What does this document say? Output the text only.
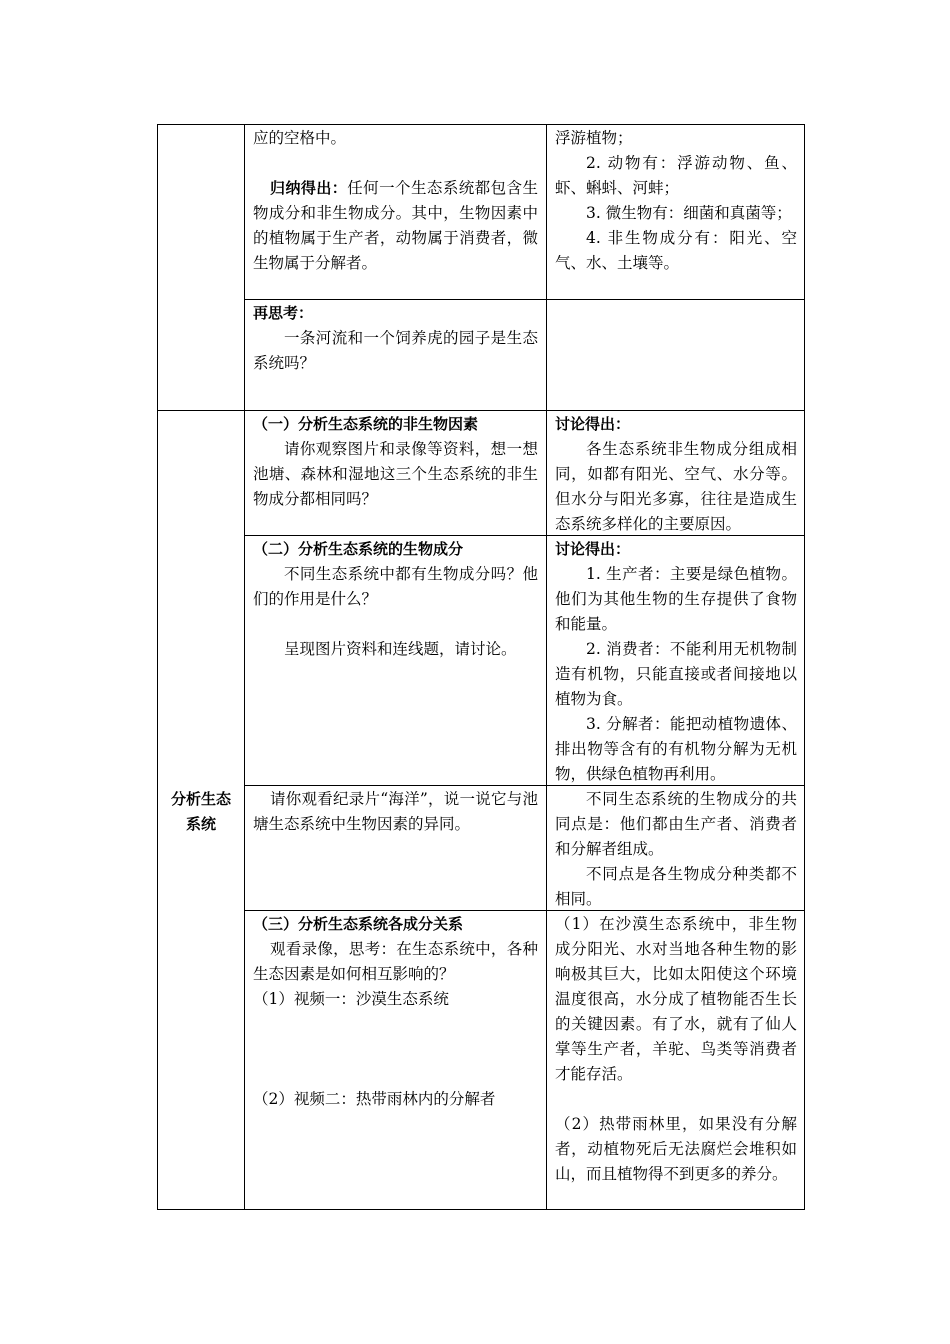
应的空格中。

归纳得出：任何一个生态系统都包含生物成分和非生物成分。其中，生物因素中的植物属于生产者，动物属于消费者，微生物属于分解者。

浮游植物；

2. 动物有：浮游动物、鱼、虾、蝌蚪、河蚌；

3. 微生物有：细菌和真菌等；

4. 非生物成分有：阳光、空气、水、土壤等。

再思考：

一条河流和一个饲养虎的园子是生态系统吗？

分析生态
系统

（一）分析生态系统的非生物因素

请你观察图片和录像等资料，想一想池塘、森林和湿地这三个生态系统的非生物成分都相同吗？

讨论得出：

各生态系统非生物成分组成相同，如都有阳光、空气、水分等。但水分与阳光多寡，往往是造成生态系统多样化的主要原因。

（二）分析生态系统的生物成分

不同生态系统中都有生物成分吗？他们的作用是什么？

呈现图片资料和连线题，请讨论。

讨论得出：

1. 生产者：主要是绿色植物。他们为其他生物的生存提供了食物和能量。

2. 消费者：不能利用无机物制造有机物，只能直接或者间接地以植物为食。

3. 分解者：能把动植物遗体、排出物等含有的有机物分解为无机物，供绿色植物再利用。

请你观看纪录片“海洋”，说一说它与池塘生态系统中生物因素的异同。

不同生态系统的生物成分的共同点是：他们都由生产者、消费者和分解者组成。

不同点是各生物成分种类都不相同。

（三）分析生态系统各成分关系

观看录像，思考：在生态系统中，各种生态因素是如何相互影响的？

（1）视频一：沙漠生态系统

（2）视频二：热带雨林内的分解者

（1）在沙漠生态系统中，非生物成分阳光、水对当地各种生物的影响极其巨大，比如太阳使这个环境温度很高，水分成了植物能否生长的关键因素。有了水，就有了仙人掌等生产者，羊驼、鸟类等消费者才能存活。

（2）热带雨林里，如果没有分解者，动植物死后无法腐烂会堆积如山，而且植物得不到更多的养分。
